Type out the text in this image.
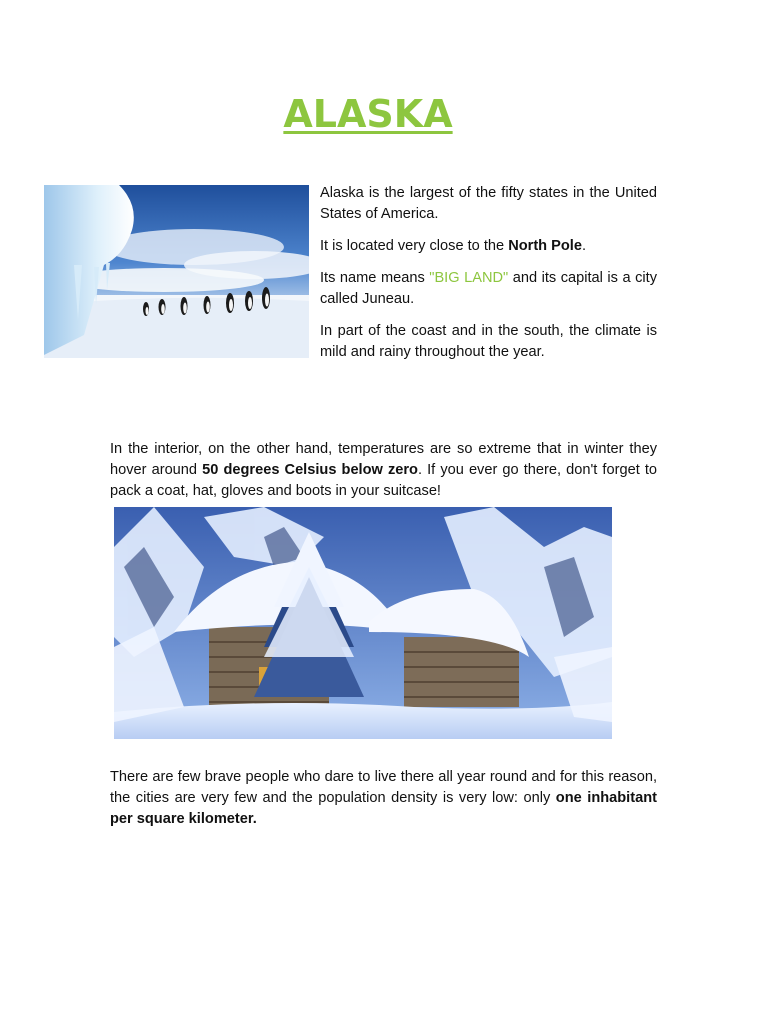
ALASKA

Alaska is the largest of the fifty states in the United States of America.

It is located very close to the North Pole.

Its name means "BIG LAND" and its capital is a city called Juneau.

In part of the coast and in the south, the climate is mild and rainy throughout the year.

In the interior, on the other hand, temperatures are so extreme that in winter they hover around 50 degrees Celsius below zero. If you ever go there, don't forget to pack a coat, hat, gloves and boots in your suitcase!

There are few brave people who dare to live there all year round and for this reason, the cities are very few and the population density is very low: only one inhabitant per square kilometer.
